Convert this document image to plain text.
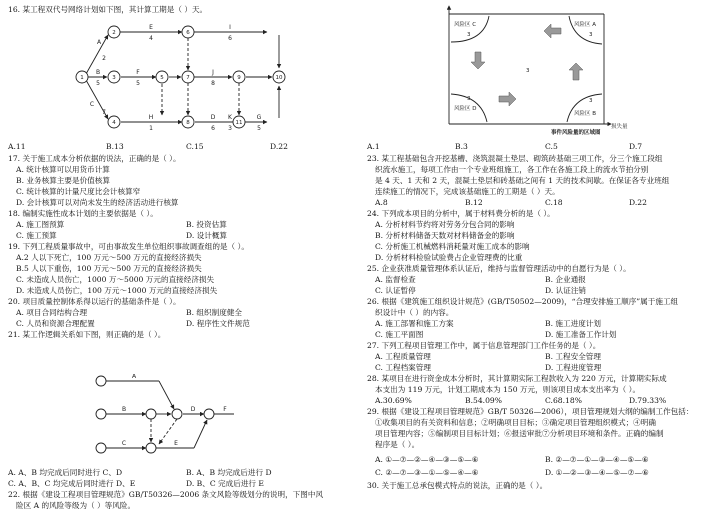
16. 某工程双代号网络计划如下图，其计算工期是（ ）天。
1
2
3
4
5
6
7
8
9	10
11
A
2
E
4
I
6
B
5
F
5
J
8
C
7
H
1
K
3
D
6
G
5
A.11	B.13	C.15	D.22
17. 关于施工成本分析依据的说法，正确的是（ ）。
A. 统计核算可以用货币计算
B. 业务核算主要是价值核算
C. 统计核算的计量尺度比会计核算窄
D. 会计核算可以对尚未发生的经济活动进行核算
18. 编制实施性成本计划的主要依据是（ ）。
A. 施工图预算	B. 投资估算
C. 施工预算	D. 设计概算
19. 下列工程质量事故中，可由事故发生单位组织事故调查组的是（ ）。
A.2 人以下死亡，100 万元～500 万元的直接经济损失
B.5 人以下重伤，100 万元～500 万元的直接经济损失
C. 未造成人员伤亡，1000 万～5000 万元的直接经济损失
D. 未造成人员伤亡，100 万元～1000 万元的直接经济损失
20. 项目质量控制体系得以运行的基础条件是（ ）。
A. 项目合同结构合理	B. 组织制度健全
C. 人员和资源合理配置	D. 程序性文件规范
21. 某工作逻辑关系如下图，则正确的是（ ）。
A
B
C
D
E
F
A. A、B 均完成后同时进行 C、D	B. A、B 均完成后进行 D
C. A、B、C 均完成后同时进行 D、E	D. B、C 完成后进行 E
22. 根据《建设工程项目管理规范》GB/T50326—2006 条文风险等级划分的说明，下图中风
险区 A 的风险等级为（ ）等风险。
风险区 C	风险区 A
风险区 D
风险区 B
3
3	3
3	3
事件风险量的区域图
损失量
A.1	B.3	C.5	D.7
23. 某工程基础包含开挖基槽、浇筑混凝土垫层、砌筑砖基础三项工作，分三个施工段组
织流水施工，每项工作由一个专业班组施工，各工作在各施工段上的流水节拍分别
是 4 天、1 天和 2 天，混凝土垫层和砖基础之间有 1 天的技术间歇。在保证各专业班组
连续施工的情况下，完成该基础施工的工期是（ ）天。
A.8	B.12	C.18	D.22
24. 下列成本项目的分析中，属于材料费分析的是（ ）。
A. 分析材料节约将对劳务分包合同的影响
B. 分析材料储备天数对材料储备金的影响
C. 分析施工机械燃料消耗量对施工成本的影响
D. 分析材料检验试验费占企业管理费的比重
25. 企业获准质量管理体系认证后，维持与监督管理活动中的自愿行为是（ ）。
A. 监督检查	B. 企业通报
C. 认证暂停	D. 认证注销
26. 根据《建筑施工组织设计规范》(GB/T50502—2009)，“合理安排施工顺序”属于施工组
织设计中（ ）的内容。
A. 施工部署和施工方案	B. 施工进度计划
C. 施工平面图	D. 施工准备工作计划
27. 下列工程项目管理工作中，属于信息管理部门工作任务的是（ ）。
A. 工程质量管理	B. 工程安全管理
C. 工程档案管理	D. 工程进度管理
28. 某项目在进行资金成本分析时，其计算期实际工程款收入为 220 万元，计算期实际成
本支出为 119 万元，计划工期成本为 150 万元，则该项目成本支出率为（ ）。
A.30.69%	B.54.09%	C.68.18%	D.79.33%
29. 根据《建设工程项目管理规范》GB/T 50326—2006），项目管理规划大纲的编制工作包括：
①收集项目的有关资料和信息；②明确项目目标；③确定项目管理组织模式；④明确
项目管理内容；⑤编制项目目标计划；⑥报送审批⑦分析项目环境和条件。正确的编制
程序是（ ）。
A. ①—⑦—②—④—③—⑤—⑥	B. ②—⑦—①—③—④—⑤—⑥
C. ②—⑦—③—①—⑤—④—⑥	D. ①—②—③—④—⑤—⑦—⑥
30. 关于施工总承包模式特点的说法，正确的是（ ）。
